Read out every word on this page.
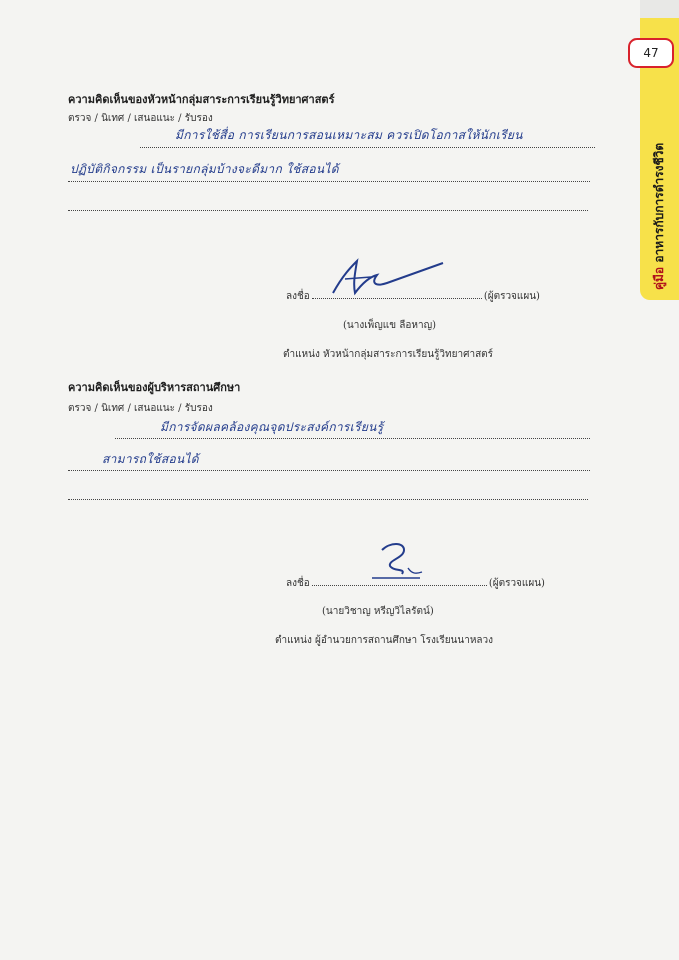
47
คู่มือ อาหารกับการดำรงชีวิต
ความคิดเห็นของหัวหน้ากลุ่มสาระการเรียนรู้วิทยาศาสตร์
ตรวจ / นิเทศ / เสนอแนะ / รับรอง
มีการใช้สื่อ การเรียนการสอนเหมาะสม ควรเปิดโอกาสให้นักเรียน
ปฏิบัติกิจกรรม เป็นรายกลุ่มบ้างจะดีมาก ใช้สอนได้
ลงชื่อ	(ผู้ตรวจแผน)
(นางเพ็ญแข ลือหาญ)
ตำแหน่ง หัวหน้ากลุ่มสาระการเรียนรู้วิทยาศาสตร์
ความคิดเห็นของผู้บริหารสถานศึกษา
ตรวจ / นิเทศ / เสนอแนะ / รับรอง
มีการจัดผลคล้องคุณจุดประสงค์การเรียนรู้
สามารถใช้สอนได้
ลงชื่อ	(ผู้ตรวจแผน)
(นายวิชาญ หรีญวิไลรัตน์)
ตำแหน่ง ผู้อำนวยการสถานศึกษา โรงเรียนนาหลวง
